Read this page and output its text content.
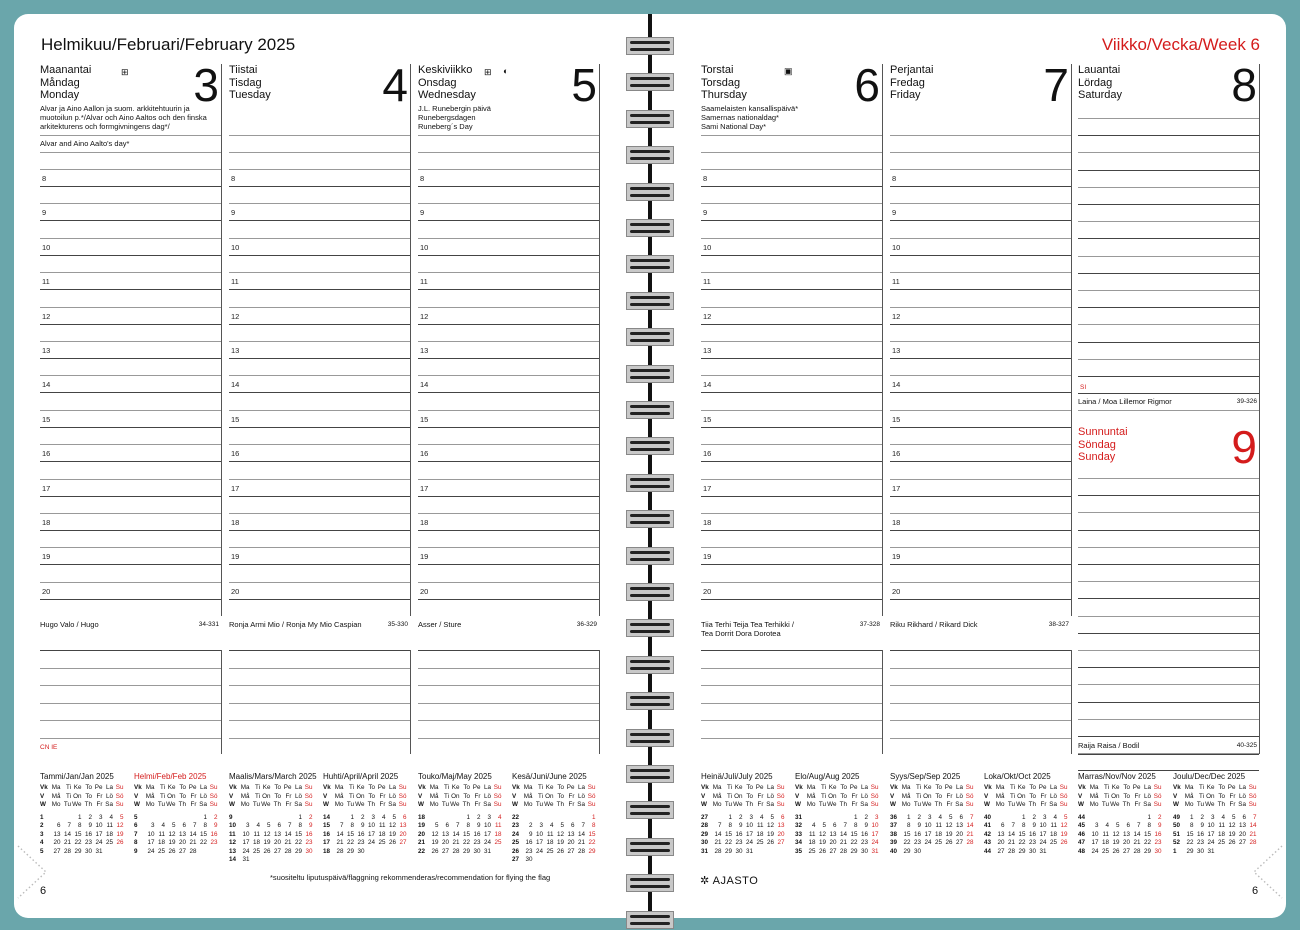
Helmikuu/Februari/February 2025	Viikko/Vecka/Week 6
Maanantai
Måndag
Monday	3
Alvar ja Aino Aallon ja suom. arkkitehtuurin ja muotoilun p.*/Alvar och Aino Aaltos och den finska arkitekturens och formgivningens dag*/
Tiistai
Tisdag
Tuesday	4 Keskiviikko
Onsdag
Wednesday	5
J.L. Runebergin päivä
Runebergsdagen
Runeberg´s Day
Torstai
Torsdag
Thursday	6
Saamelaisten kansallispäivä*
Samernas nationaldag*
Sami National Day*
Perjantai
Fredag
Friday	7 Lauantai
Lördag
Saturday	8
Sunnuntai
Söndag
Sunday	9
Alvar and Aino Aalto's day*
⊞	⊞ ◐	▣
8
9
10
11
12
13
14
15
16
17
18
19
20
Hugo Valo / Hugo	34-331
8
9
10
11
12
13
14
15
16
17
18
19
20
Ronja Armi Mio / Ronja My Mio Caspian	35-330
8
9
10
11
12
13
14
15
16
17
18
19
20
Asser / Sture	36-329
8
9
10
11
12
13
14
15
16
17
18
19
20
Tiia Terhi Teija Tea Terhikki /
Tea Dorrit Dora Dorotea
37-328
8
9
10
11
12
13
14
15
16
17
18
19
20
Riku Rikhard / Rikard Dick	38-327
Laina / Moa Lillemor Rigmor	39-326
Raija Raisa / Bodil	40-325
Tammi/Jan/Jan 2025
Vk	Ma	Ti	Ke	To	Pe	La	Su
V	Må	Ti	On	To	Fr	Lö	Sö
W	Mo	Tu	We	Th	Fr	Sa	Su

1			1	2	3	4	5
2	6	7	8	9	10	11	12
3	13	14	15	16	17	18	19
4	20	21	22	23	24	25	26
5	27	28	29	30	31		
Helmi/Feb/Feb 2025
Vk	Ma	Ti	Ke	To	Pe	La	Su
V	Må	Ti	On	To	Fr	Lö	Sö
W	Mo	Tu	We	Th	Fr	Sa	Su

5						1	2
6	3	4	5	6	7	8	9
7	10	11	12	13	14	15	16
8	17	18	19	20	21	22	23
9	24	25	26	27	28		
Maalis/Mars/March 2025
Vk	Ma	Ti	Ke	To	Pe	La	Su
V	Må	Ti	On	To	Fr	Lö	Sö
W	Mo	Tu	We	Th	Fr	Sa	Su

9						1	2
10	3	4	5	6	7	8	9
11	10	11	12	13	14	15	16
12	17	18	19	20	21	22	23
13	24	25	26	27	28	29	30
14	31						
Huhti/April/April 2025
Vk	Ma	Ti	Ke	To	Pe	La	Su
V	Må	Ti	On	To	Fr	Lö	Sö
W	Mo	Tu	We	Th	Fr	Sa	Su

14		1	2	3	4	5	6
15	7	8	9	10	11	12	13
16	14	15	16	17	18	19	20
17	21	22	23	24	25	26	27
18	28	29	30				
Touko/Maj/May 2025
Vk	Ma	Ti	Ke	To	Pe	La	Su
V	Må	Ti	On	To	Fr	Lö	Sö
W	Mo	Tu	We	Th	Fr	Sa	Su

18				1	2	3	4
19	5	6	7	8	9	10	11
20	12	13	14	15	16	17	18
21	19	20	21	22	23	24	25
22	26	27	28	29	30	31	
Kesä/Juni/June 2025
Vk	Ma	Ti	Ke	To	Pe	La	Su
V	Må	Ti	On	To	Fr	Lö	Sö
W	Mo	Tu	We	Th	Fr	Sa	Su

22							1
23	2	3	4	5	6	7	8
24	9	10	11	12	13	14	15
25	16	17	18	19	20	21	22
26	23	24	25	26	27	28	29
27	30						
Heinä/Juli/July 2025
Vk	Ma	Ti	Ke	To	Pe	La	Su
V	Må	Ti	On	To	Fr	Lö	Sö
W	Mo	Tu	We	Th	Fr	Sa	Su

27		1	2	3	4	5	6
28	7	8	9	10	11	12	13
29	14	15	16	17	18	19	20
30	21	22	23	24	25	26	27
31	28	29	30	31			
Elo/Aug/Aug 2025
Vk	Ma	Ti	Ke	To	Pe	La	Su
V	Må	Ti	On	To	Fr	Lö	Sö
W	Mo	Tu	We	Th	Fr	Sa	Su

31					1	2	3
32	4	5	6	7	8	9	10
33	11	12	13	14	15	16	17
34	18	19	20	21	22	23	24
35	25	26	27	28	29	30	31
Syys/Sep/Sep 2025
Vk	Ma	Ti	Ke	To	Pe	La	Su
V	Må	Ti	On	To	Fr	Lö	Sö
W	Mo	Tu	We	Th	Fr	Sa	Su

36	1	2	3	4	5	6	7
37	8	9	10	11	12	13	14
38	15	16	17	18	19	20	21
39	22	23	24	25	26	27	28
40	29	30					
Loka/Okt/Oct 2025
Vk	Ma	Ti	Ke	To	Pe	La	Su
V	Må	Ti	On	To	Fr	Lö	Sö
W	Mo	Tu	We	Th	Fr	Sa	Su

40			1	2	3	4	5
41	6	7	8	9	10	11	12
42	13	14	15	16	17	18	19
43	20	21	22	23	24	25	26
44	27	28	29	30	31		
Marras/Nov/Nov 2025
Vk	Ma	Ti	Ke	To	Pe	La	Su
V	Må	Ti	On	To	Fr	Lö	Sö
W	Mo	Tu	We	Th	Fr	Sa	Su

44						1	2
45	3	4	5	6	7	8	9
46	10	11	12	13	14	15	16
47	17	18	19	20	21	22	23
48	24	25	26	27	28	29	30
Joulu/Dec/Dec 2025
Vk	Ma	Ti	Ke	To	Pe	La	Su
V	Må	Ti	On	To	Fr	Lö	Sö
W	Mo	Tu	We	Th	Fr	Sa	Su

49	1	2	3	4	5	6	7
50	8	9	10	11	12	13	14
51	15	16	17	18	19	20	21
52	22	23	24	25	26	27	28
1	29	30	31				
CN IE
SI
*suositeltu liputuspäivä/flaggning rekommenderas/recommendation for flying the flag	✲ AJASTO
6	6
